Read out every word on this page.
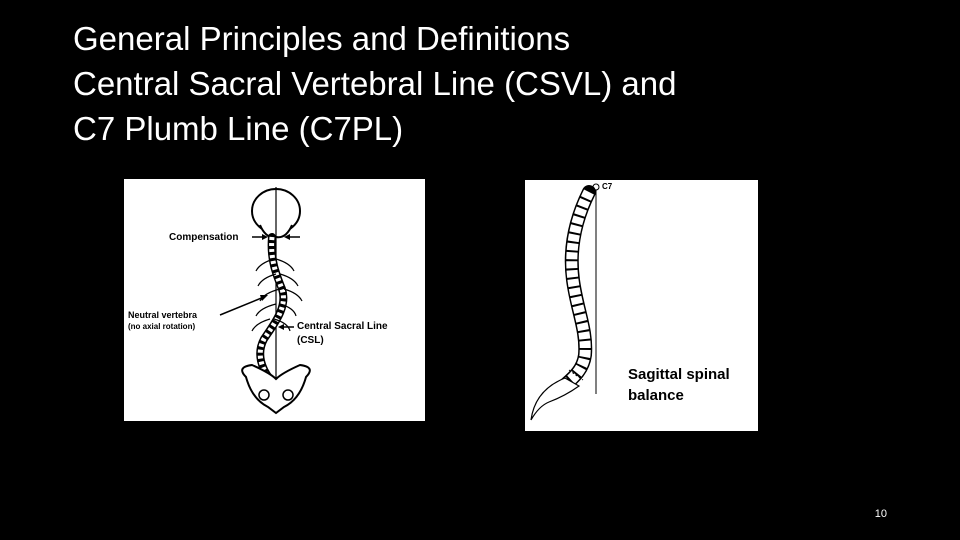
General Principles and Definitions
Central Sacral Vertebral Line (CSVL) and
C7 Plumb Line (C7PL)
Compensation
Neutral vertebra
(no axial rotation)	Central Sacral Line
(CSL)
C7
Sagittal spinal
balance
10
